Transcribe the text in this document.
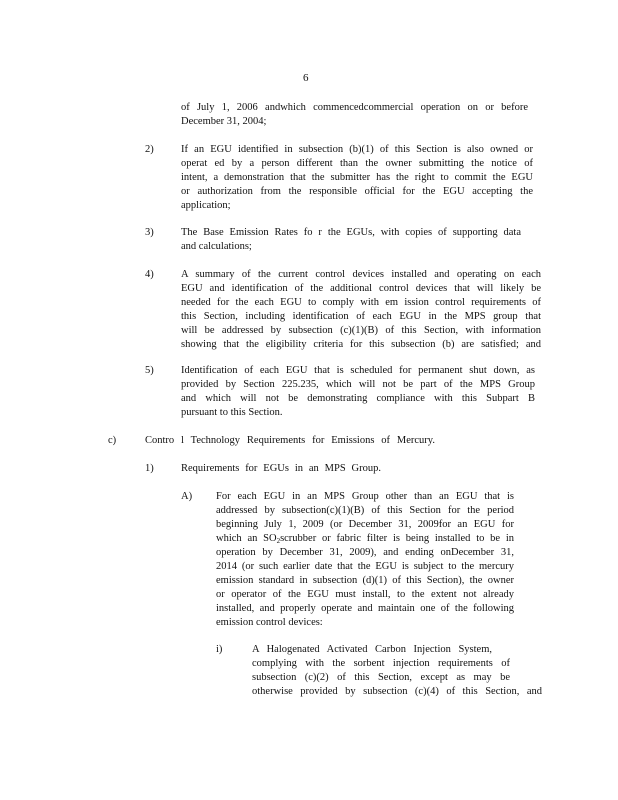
6
of July 1, 2006 andwhich commencedcommercial operation on or before
December 31, 2004;
2)	If an EGU identified in subsection (b)(1) of this Section is also owned or
operat ed by a person different than the owner submitting the notice of
intent, a demonstration that the submitter has the right to commit the EGU
or authorization from the responsible official for the EGU accepting the
application;
3)	The Base Emission Rates fo r the EGUs, with copies of supporting data
and calculations;
4)	A summary of the current control devices installed and operating on each
EGU and identification of the additional control devices that will likely be
needed for the each EGU to comply with em ission control requirements of
this Section, including identification of each EGU in the MPS group that
will be addressed by subsection (c)(1)(B) of this Section, with information
showing that the eligibility criteria for this subsection (b) are satisfied; and
5)	Identification of each EGU that is scheduled for permanent shut down, as
provided by Section 225.235, which will not be part of the MPS Group
and which will not be demonstrating compliance with this Subpart B
pursuant to this Section.
c)	Contro l Technology Requirements for Emissions of Mercury.
1)	Requirements for EGUs in an MPS Group.
A) For each EGU in an MPS Group other than an EGU that is
addressed by subsection(c)(1)(B) of this Section for the period
beginning July 1, 2009 (or December 31, 2009for an EGU for
which an SO2scrubber or fabric filter is being installed to be in
operation by December 31, 2009), and ending onDecember 31,
2014 (or such earlier date that the EGU is subject to the mercury
emission standard in subsection (d)(1) of this Section), the owner
or operator of the EGU must install, to the extent not already
installed, and properly operate and maintain one of the following
emission control devices:
i)	A Halogenated Activated Carbon Injection System,
complying with the sorbent injection requirements of
subsection (c)(2) of this Section, except as may be
otherwise provided by subsection (c)(4) of this Section, and
